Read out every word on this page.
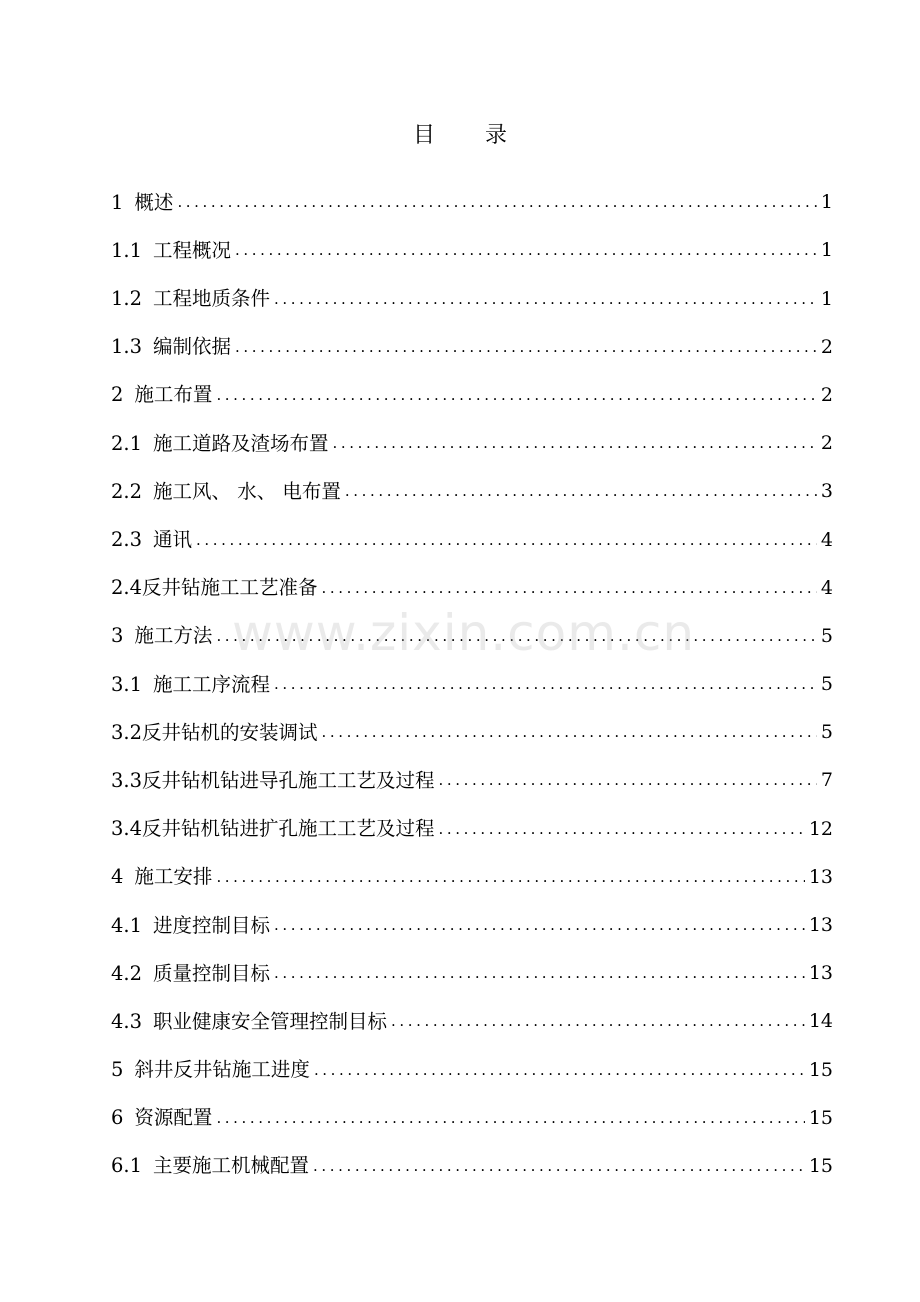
目 录
1 概述 .....	1
1.1 工程概况 .....	1
1.2 工程地质条件 .....	1
1.3 编制依据 .....	2
2 施工布置 .....	2
2.1 施工道路及渣场布置 .....	2
2.2 施工风、 水、 电布置 .....	3
2.3 通讯 .....	4
2.4 反井钻施工工艺准备 .....	4
3 施工方法 .....	5
3.1 施工工序流程 .....	5
3.2 反井钻机的安装调试 .....	5
3.3 反井钻机钻进导孔施工工艺及过程 .....	7
3.4 反井钻机钻进扩孔施工工艺及过程 .....	12
4 施工安排 .....	13
4.1 进度控制目标 .....	13
4.2 质量控制目标 .....	13
4.3 职业健康安全管理控制目标 .....	14
5 斜井反井钻施工进度 .....	15
6 资源配置 .....	15
6.1 主要施工机械配置 .....	15
www.zixin.com.cn
